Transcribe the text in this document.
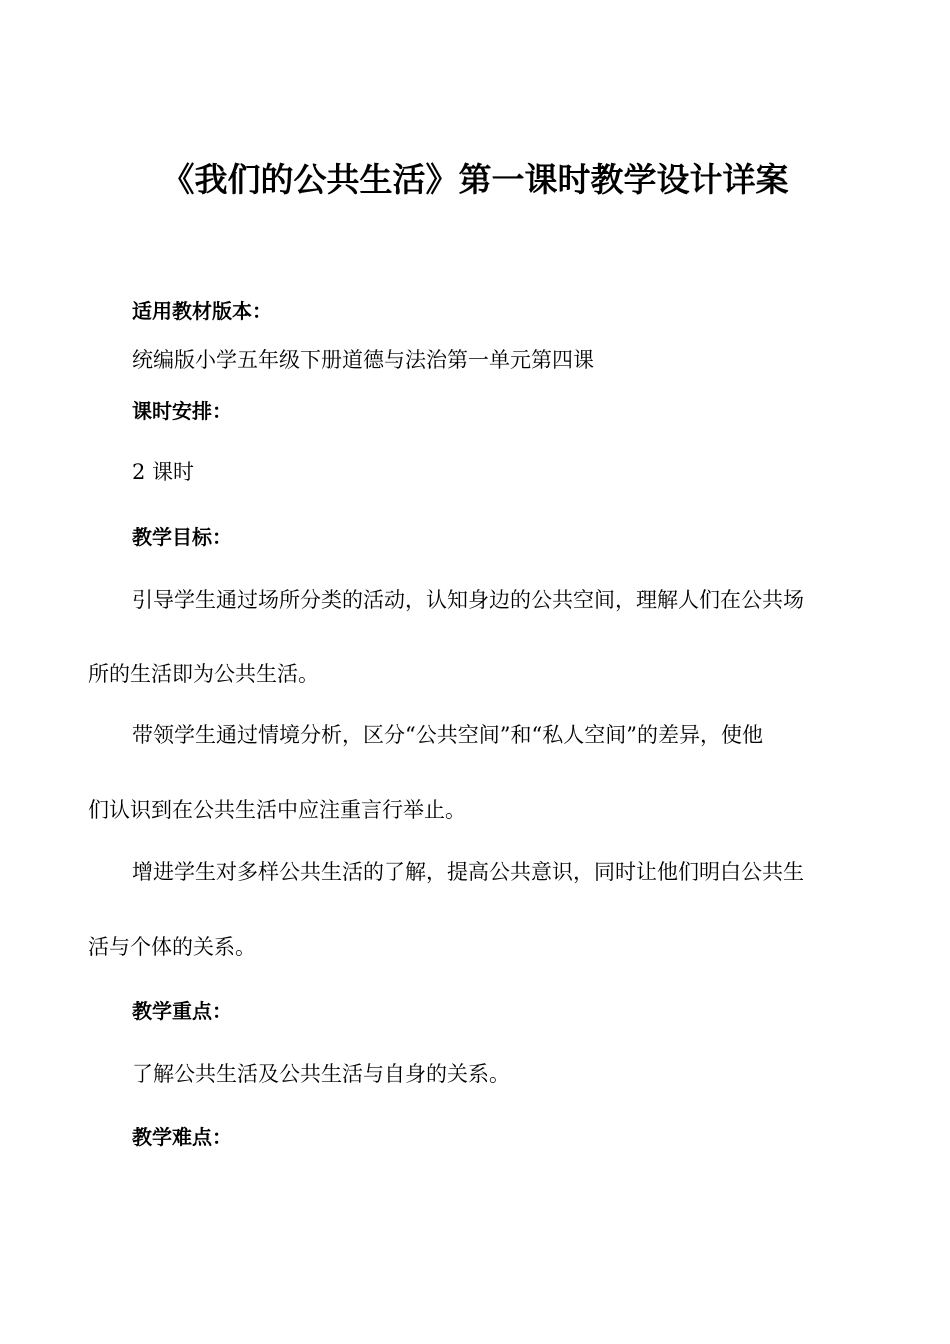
《我们的公共生活》第一课时教学设计详案
适用教材版本：
统编版小学五年级下册道德与法治第一单元第四课
课时安排：
2 课时
教学目标：
引导学生通过场所分类的活动，认知身边的公共空间，理解人们在公共场
所的生活即为公共生活。
带领学生通过情境分析，区分“公共空间”和“私人空间”的差异，使他
们认识到在公共生活中应注重言行举止。
增进学生对多样公共生活的了解，提高公共意识，同时让他们明白公共生
活与个体的关系。
教学重点：
了解公共生活及公共生活与自身的关系。
教学难点：
